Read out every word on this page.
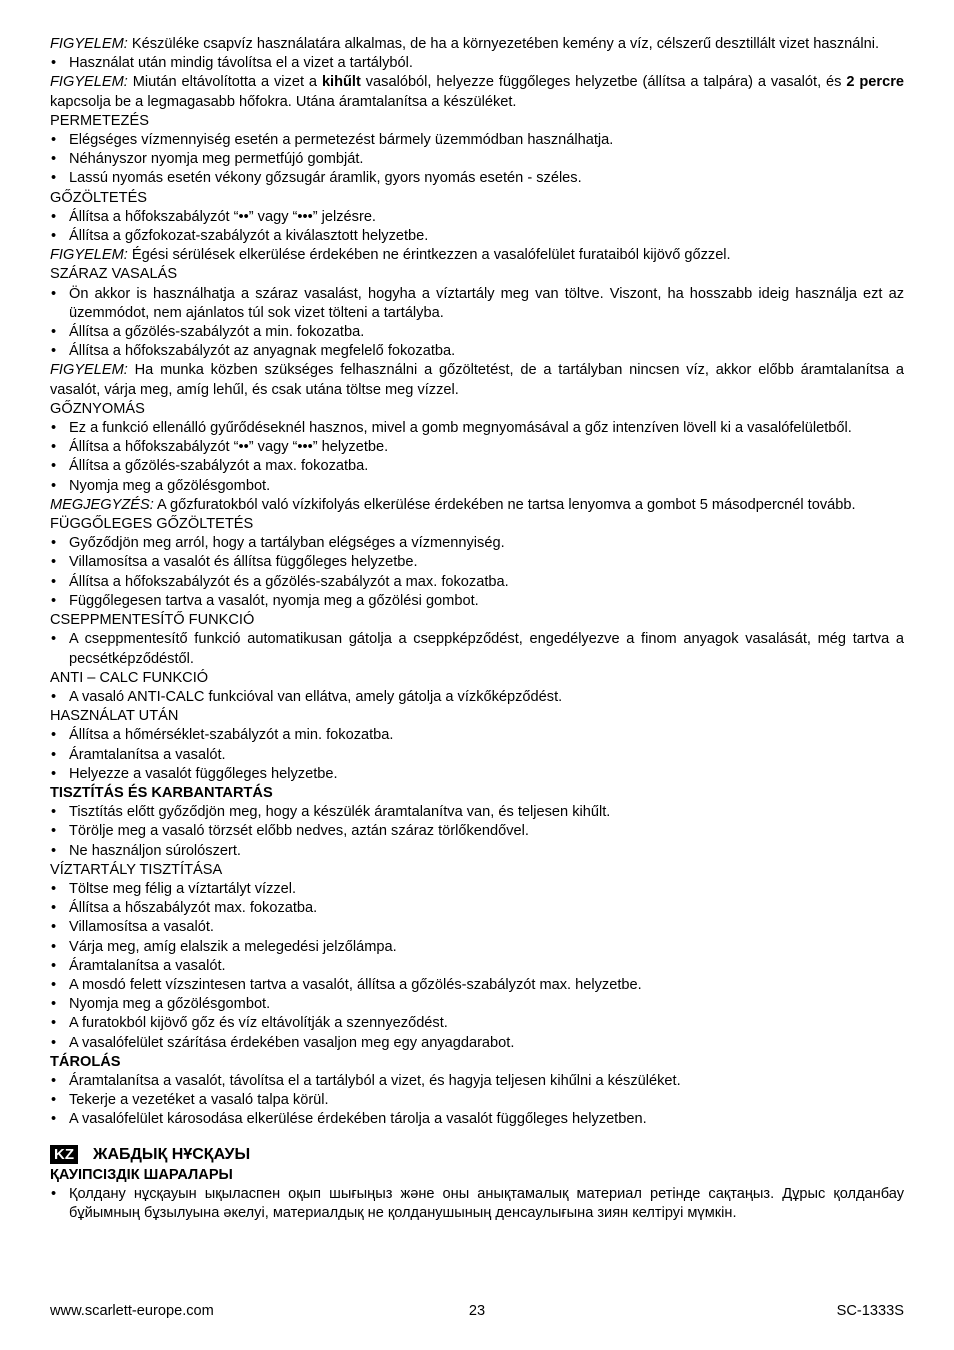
FIGYELEM: Készüléke csapvíz használatára alkalmas, de ha a környezetében kemény a víz, célszerű desztillált vizet használni.

• Használat után mindig távolítsa el a vizet a tartályból.

FIGYELEM: Miután eltávolította a vizet a kihűlt vasalóból, helyezze függőleges helyzetbe (állítsa a talpára) a vasalót, és 2 percre kapcsolja be a legmagasabb hőfokra. Utána áramtalanítsa a készüléket.

PERMETEZÉS

• Elégséges vízmennyiség esetén a permetezést bármely üzemmódban használhatja.
• Néhányszor nyomja meg permetfújó gombját.
• Lassú nyomás esetén vékony gőzsugár áramlik, gyors nyomás esetén - széles.

GŐZÖLTETÉS

• Állítsa a hőfokszabályzót “••” vagy “•••” jelzésre.
• Állítsa a gőzfokozat-szabályzót a kiválasztott helyzetbe.

FIGYELEM: Égési sérülések elkerülése érdekében ne érintkezzen a vasalófelület furataiból kijövő gőzzel.

SZÁRAZ VASALÁS

• Ön akkor is használhatja a száraz vasalást, hogyha a víztartály meg van töltve. Viszont, ha hosszabb ideig használja ezt az üzemmódot, nem ajánlatos túl sok vizet tölteni a tartályba.
• Állítsa a gőzölés-szabályzót a min. fokozatba.
• Állítsa a hőfokszabályzót az anyagnak megfelelő fokozatba.

FIGYELEM: Ha munka közben szükséges felhasználni a gőzöltetést, de a tartályban nincsen víz, akkor előbb áramtalanítsa a vasalót, várja meg, amíg lehűl, és csak utána töltse meg vízzel.

GŐZNYOMÁS

• Ez a funkció ellenálló gyűrődéseknél hasznos, mivel a gomb megnyomásával a gőz intenzíven lövell ki a vasalófelületből.
• Állítsa a hőfokszabályzót “••” vagy “•••” helyzetbe.
• Állítsa a gőzölés-szabályzót a max. fokozatba.
• Nyomja meg a gőzölésgombot.

MEGJEGYZÉS: A gőzfuratokból való vízkifolyás elkerülése érdekében ne tartsa lenyomva a gombot 5 másodpercnél tovább.

FÜGGŐLEGES GŐZÖLTETÉS

• Győződjön meg arról, hogy a tartályban elégséges a vízmennyiség.
• Villamosítsa a vasalót és állítsa függőleges helyzetbe.
• Állítsa a hőfokszabályzót és a gőzölés-szabályzót a max. fokozatba.
• Függőlegesen tartva a vasalót, nyomja meg a gőzölési gombot.

CSEPPMENTESÍTŐ FUNKCIÓ

• A cseppmentesítő funkció automatikusan gátolja a cseppképződést, engedélyezve a finom anyagok vasalását, még tartva a pecsétképződéstől.

ANTI – CALC FUNKCIÓ

• A vasaló ANTI-CALC funkcióval van ellátva, amely gátolja a vízkőképződést.

HASZNÁLAT UTÁN

• Állítsa a hőmérséklet-szabályzót a min. fokozatba.
• Áramtalanítsa a vasalót.
• Helyezze a vasalót függőleges helyzetbe.

TISZTÍTÁS ÉS KARBANTARTÁS

• Tisztítás előtt győződjön meg, hogy a készülék áramtalanítva van, és teljesen kihűlt.
• Törölje meg a vasaló törzsét előbb nedves, aztán száraz törlőkendővel.
• Ne használjon súrolószert.

VÍZTARTÁLY TISZTÍTÁSA

• Töltse meg félig a víztartályt vízzel.
• Állítsa a hőszabályzót max. fokozatba.
• Villamosítsa a vasalót.
• Várja meg, amíg elalszik a melegedési jelzőlámpa.
• Áramtalanítsa a vasalót.
• A mosdó felett vízszintesen tartva a vasalót, állítsa a gőzölés-szabályzót max. helyzetbe.
• Nyomja meg a gőzölésgombot.
• A furatokból kijövő gőz és víz eltávolítják a szennyeződést.
• A vasalófelület szárítása érdekében vasaljon meg egy anyagdarabot.

TÁROLÁS

• Áramtalanítsa a vasalót, távolítsa el a tartályból a vizet, és hagyja teljesen kihűlni a készüléket.
• Tekerje a vezetéket a vasaló talpa körül.
• A vasalófelület károsodása elkerülése érdekében tárolja a vasalót függőleges helyzetben.
KZ ЖАБДЫҚ НҰСҚАУЫ

ҚАУІПСІЗДІК ШАРАЛАРЫ

• Қолдану нұсқауын ықыласпен оқып шығыңыз және оны анықтамалық материал ретінде сақтаңыз. Дұрыс қолданбау бұйымның бұзылуына әкелуі, материалдық не қолданушының денсаулығына зиян келтіруі мүмкін.
www.scarlett-europe.com	23	SC-1333S
